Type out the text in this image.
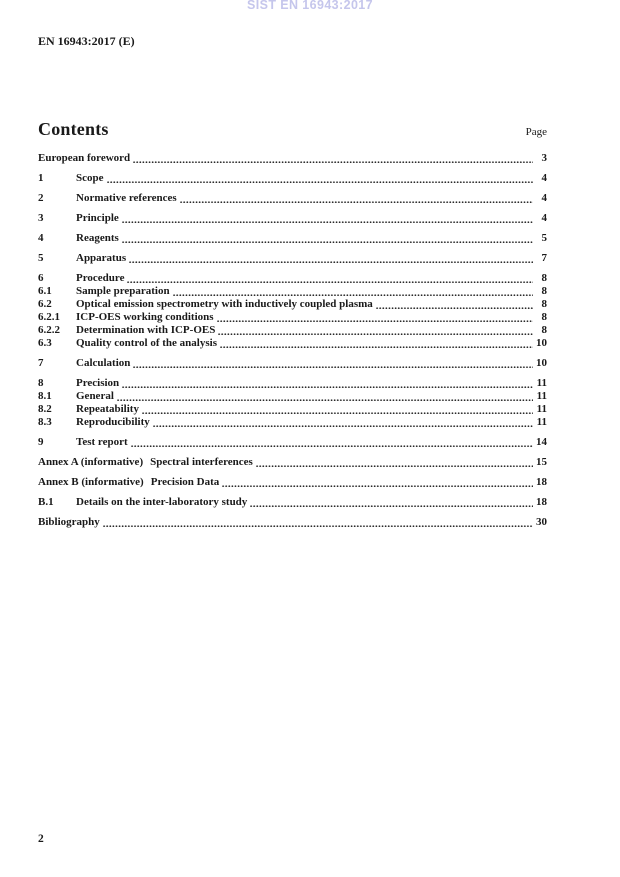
SIST EN 16943:2017
EN 16943:2017 (E)
Contents	Page
European foreword	3
1	Scope	4
2	Normative references	4
3	Principle	4
4	Reagents	5
5	Apparatus	7
6	Procedure	8
6.1	Sample preparation	8
6.2	Optical emission spectrometry with inductively coupled plasma	8
6.2.1	ICP-OES working conditions	8
6.2.2	Determination with ICP-OES	8
6.3	Quality control of the analysis	10
7	Calculation	10
8	Precision	11
8.1	General	11
8.2	Repeatability	11
8.3	Reproducibility	11
9	Test report	14
Annex A (informative) Spectral interferences	15
Annex B (informative) Precision Data	18
B.1	Details on the inter-laboratory study	18
Bibliography	30
2
